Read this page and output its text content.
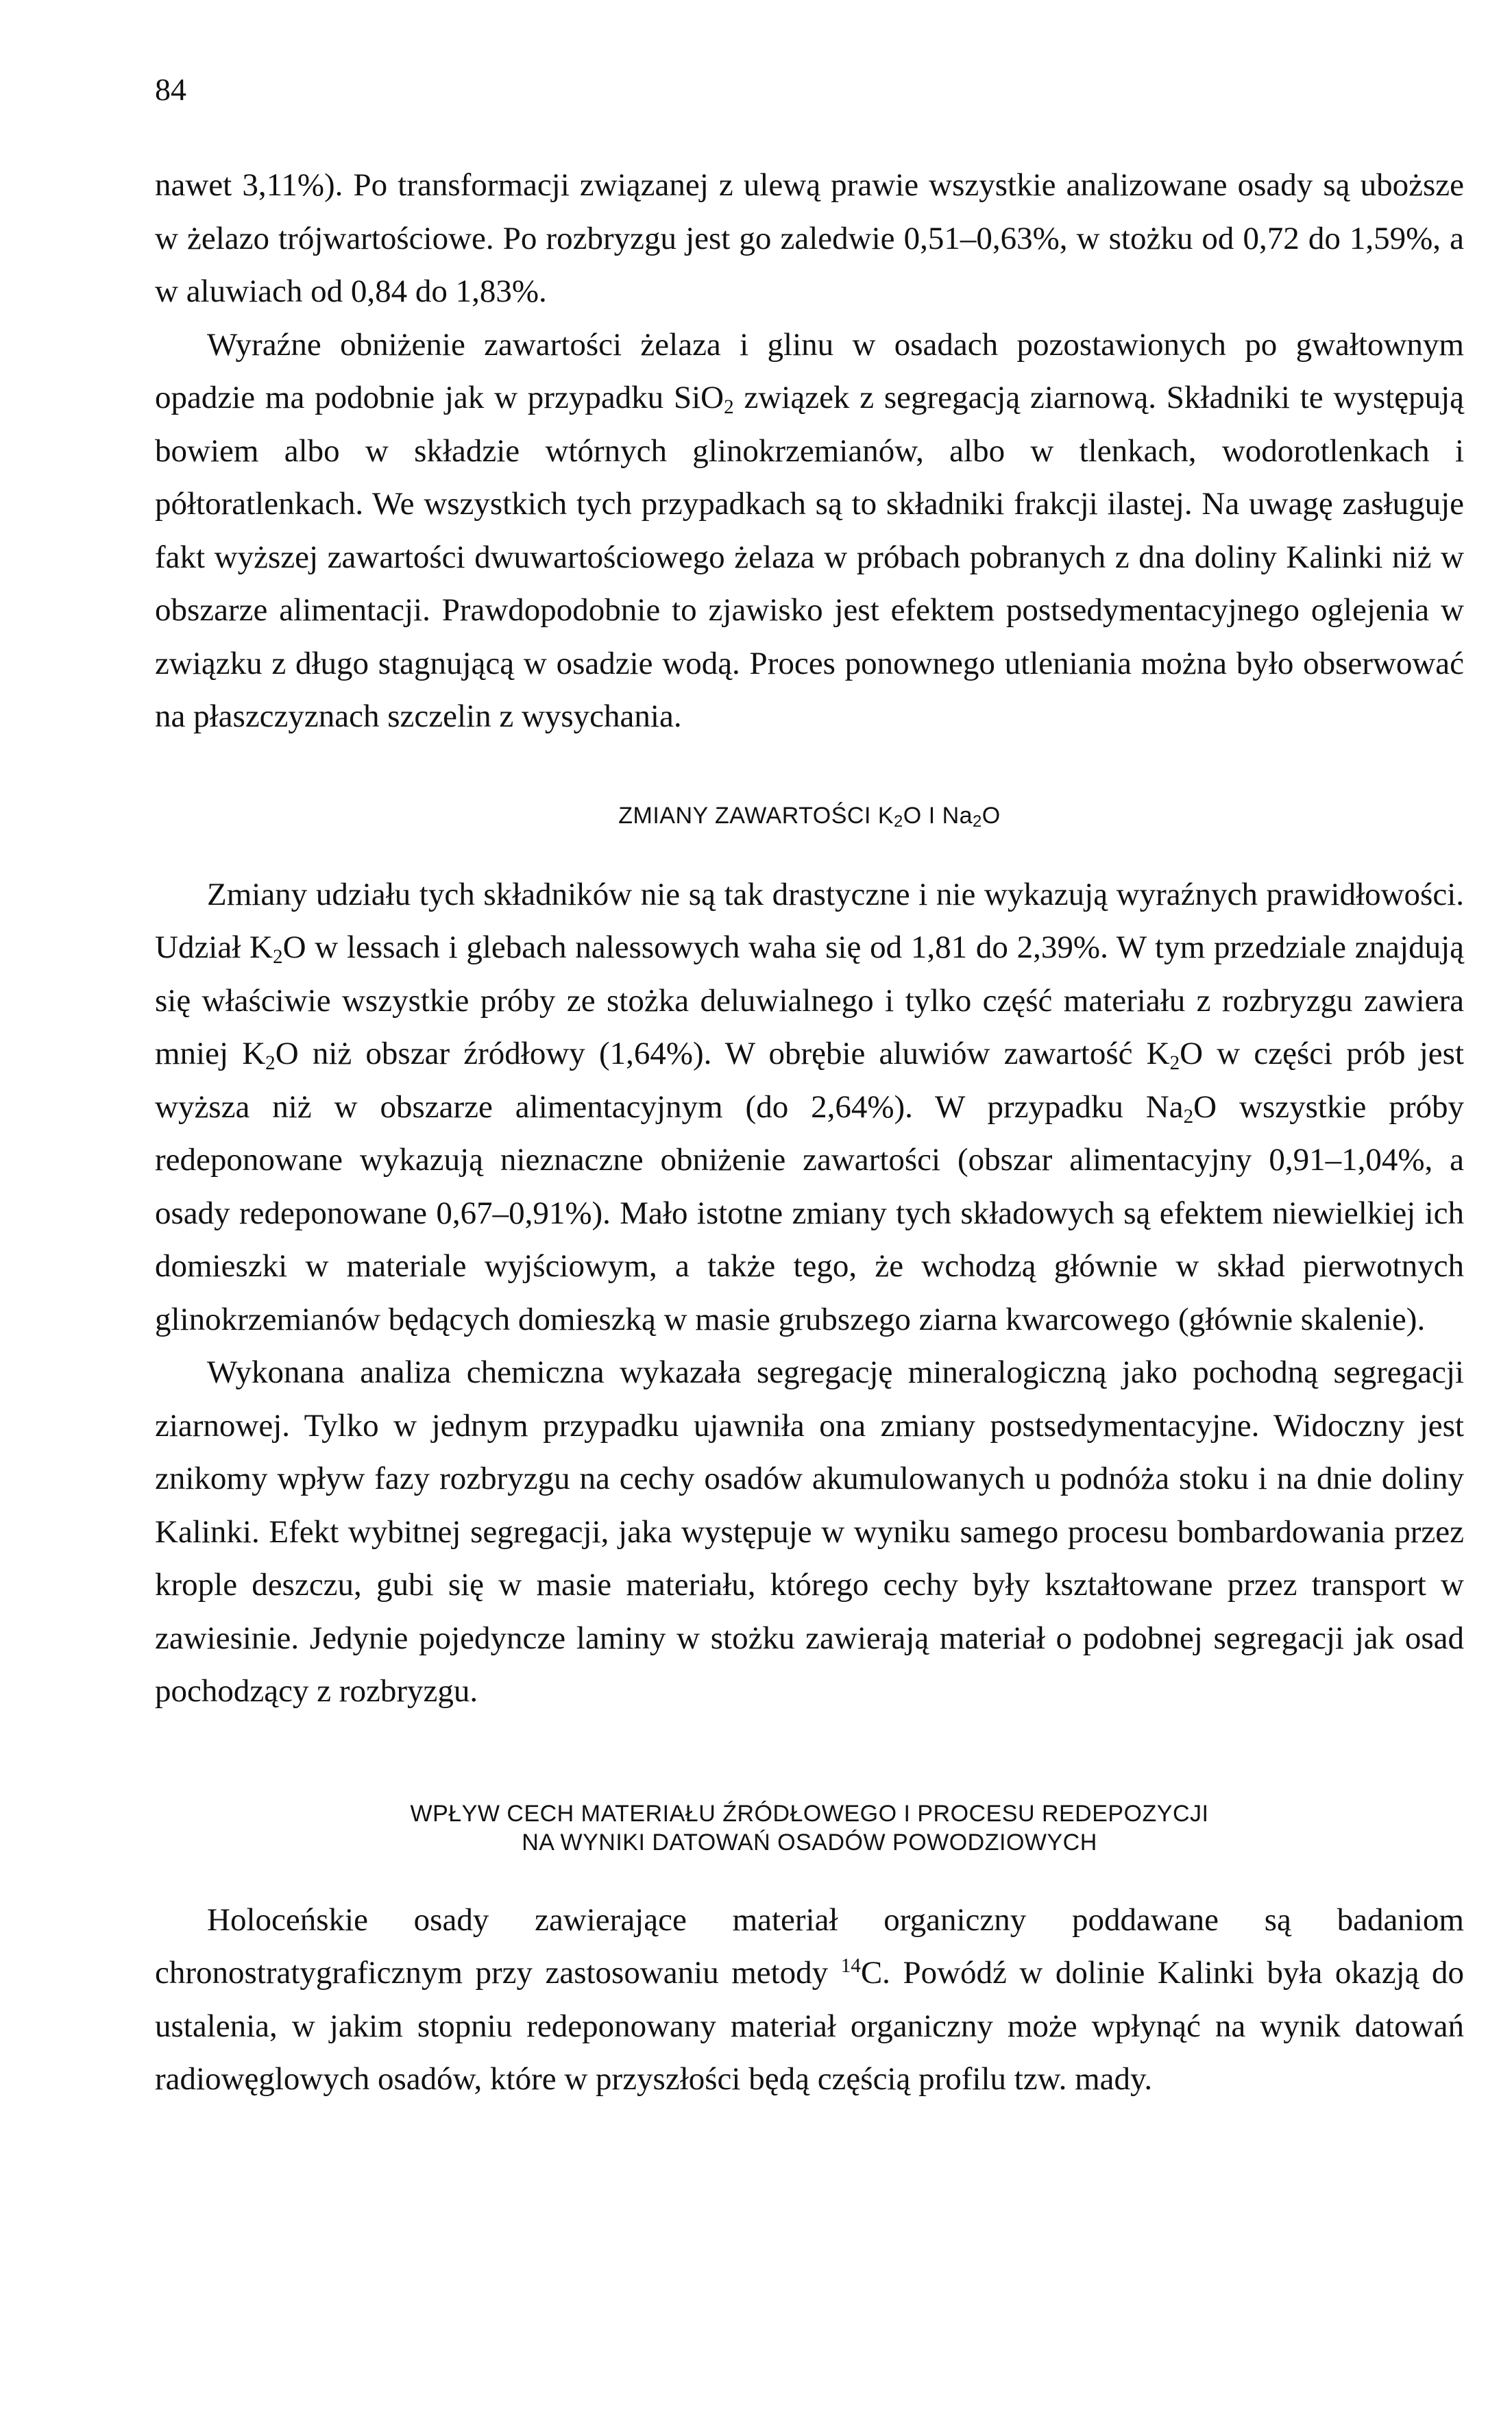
84

nawet 3,11%). Po transformacji związanej z ulewą prawie wszystkie analizowane osady są uboższe w żelazo trójwartościowe. Po rozbryzgu jest go zaledwie 0,51–0,63%, w stożku od 0,72 do 1,59%, a w aluwiach od 0,84 do 1,83%.

Wyraźne obniżenie zawartości żelaza i glinu w osadach pozostawionych po gwałtownym opadzie ma podobnie jak w przypadku SiO$_2$ związek z segregacją ziarnową. Składniki te występują bowiem albo w składzie wtórnych glinokrzemianów, albo w tlenkach, wodorotlenkach i półtoratlenkach. We wszystkich tych przypadkach są to składniki frakcji ilastej. Na uwagę zasługuje fakt wyższej zawartości dwuwartościowego żelaza w próbach pobranych z dna doliny Kalinki niż w obszarze alimentacji. Prawdopodobnie to zjawisko jest efektem postsedymentacyjnego oglejenia w związku z długo stagnującą w osadzie wodą. Proces ponownego utleniania można było obserwować na płaszczyznach szczelin z wysychania.

ZMIANY ZAWARTOŚCI $K_2O$ I $Na_2O$

Zmiany udziału tych składników nie są tak drastyczne i nie wykazują wyraźnych prawidłowości. Udział $K_2O$ w lessach i glebach nalessowych waha się od 1,81 do 2,39%. W tym przedziale znajdują się właściwie wszystkie próby ze stożka deluwialnego i tylko część materiału z rozbryzgu zawiera mniej $K_2O$ niż obszar źródłowy (1,64%). W obrębie aluwiów zawartość $K_2O$ w części prób jest wyższa niż w obszarze alimentacyjnym (do 2,64%). W przypadku $Na_2O$ wszystkie próby redeponowane wykazują nieznaczne obniżenie zawartości (obszar alimentacyjny 0,91–1,04%, a osady redeponowane 0,67–0,91%). Mało istotne zmiany tych składowych są efektem niewielkiej ich domieszki w materiale wyjściowym, a także tego, że wchodzą głównie w skład pierwotnych glinokrzemianów będących domieszką w masie grubszego ziarna kwarcowego (głównie skalenie).

Wykonana analiza chemiczna wykazała segregację mineralogiczną jako pochodną segregacji ziarnowej. Tylko w jednym przypadku ujawniła ona zmiany postsedymentacyjne. Widoczny jest znikomy wpływ fazy rozbryzgu na cechy osadów akumulowanych u podnóża stoku i na dnie doliny Kalinki. Efekt wybitnej segregacji, jaka występuje w wyniku samego procesu bombardowania przez krople deszczu, gubi się w masie materiału, którego cechy były kształtowane przez transport w zawiesinie. Jedynie pojedyncze laminy w stożku zawierają materiał o podobnej segregacji jak osad pochodzący z rozbryzgu.

WPŁYW CECH MATERIAŁU ŹRÓDŁOWEGO I PROCESU REDEPOZYCJI
NA WYNIKI DATOWAŃ OSADÓW POWODZIOWYCH

Holoceńskie osady zawierające materiał organiczny poddawane są badaniom chronostratygraficznym przy zastosowaniu metody $^{14}$C. Powódź w dolinie Kalinki była okazją do ustalenia, w jakim stopniu redeponowany materiał organiczny może wpłynąć na wynik datowań radiowęglowych osadów, które w przyszłości będą częścią profilu tzw. mady.
